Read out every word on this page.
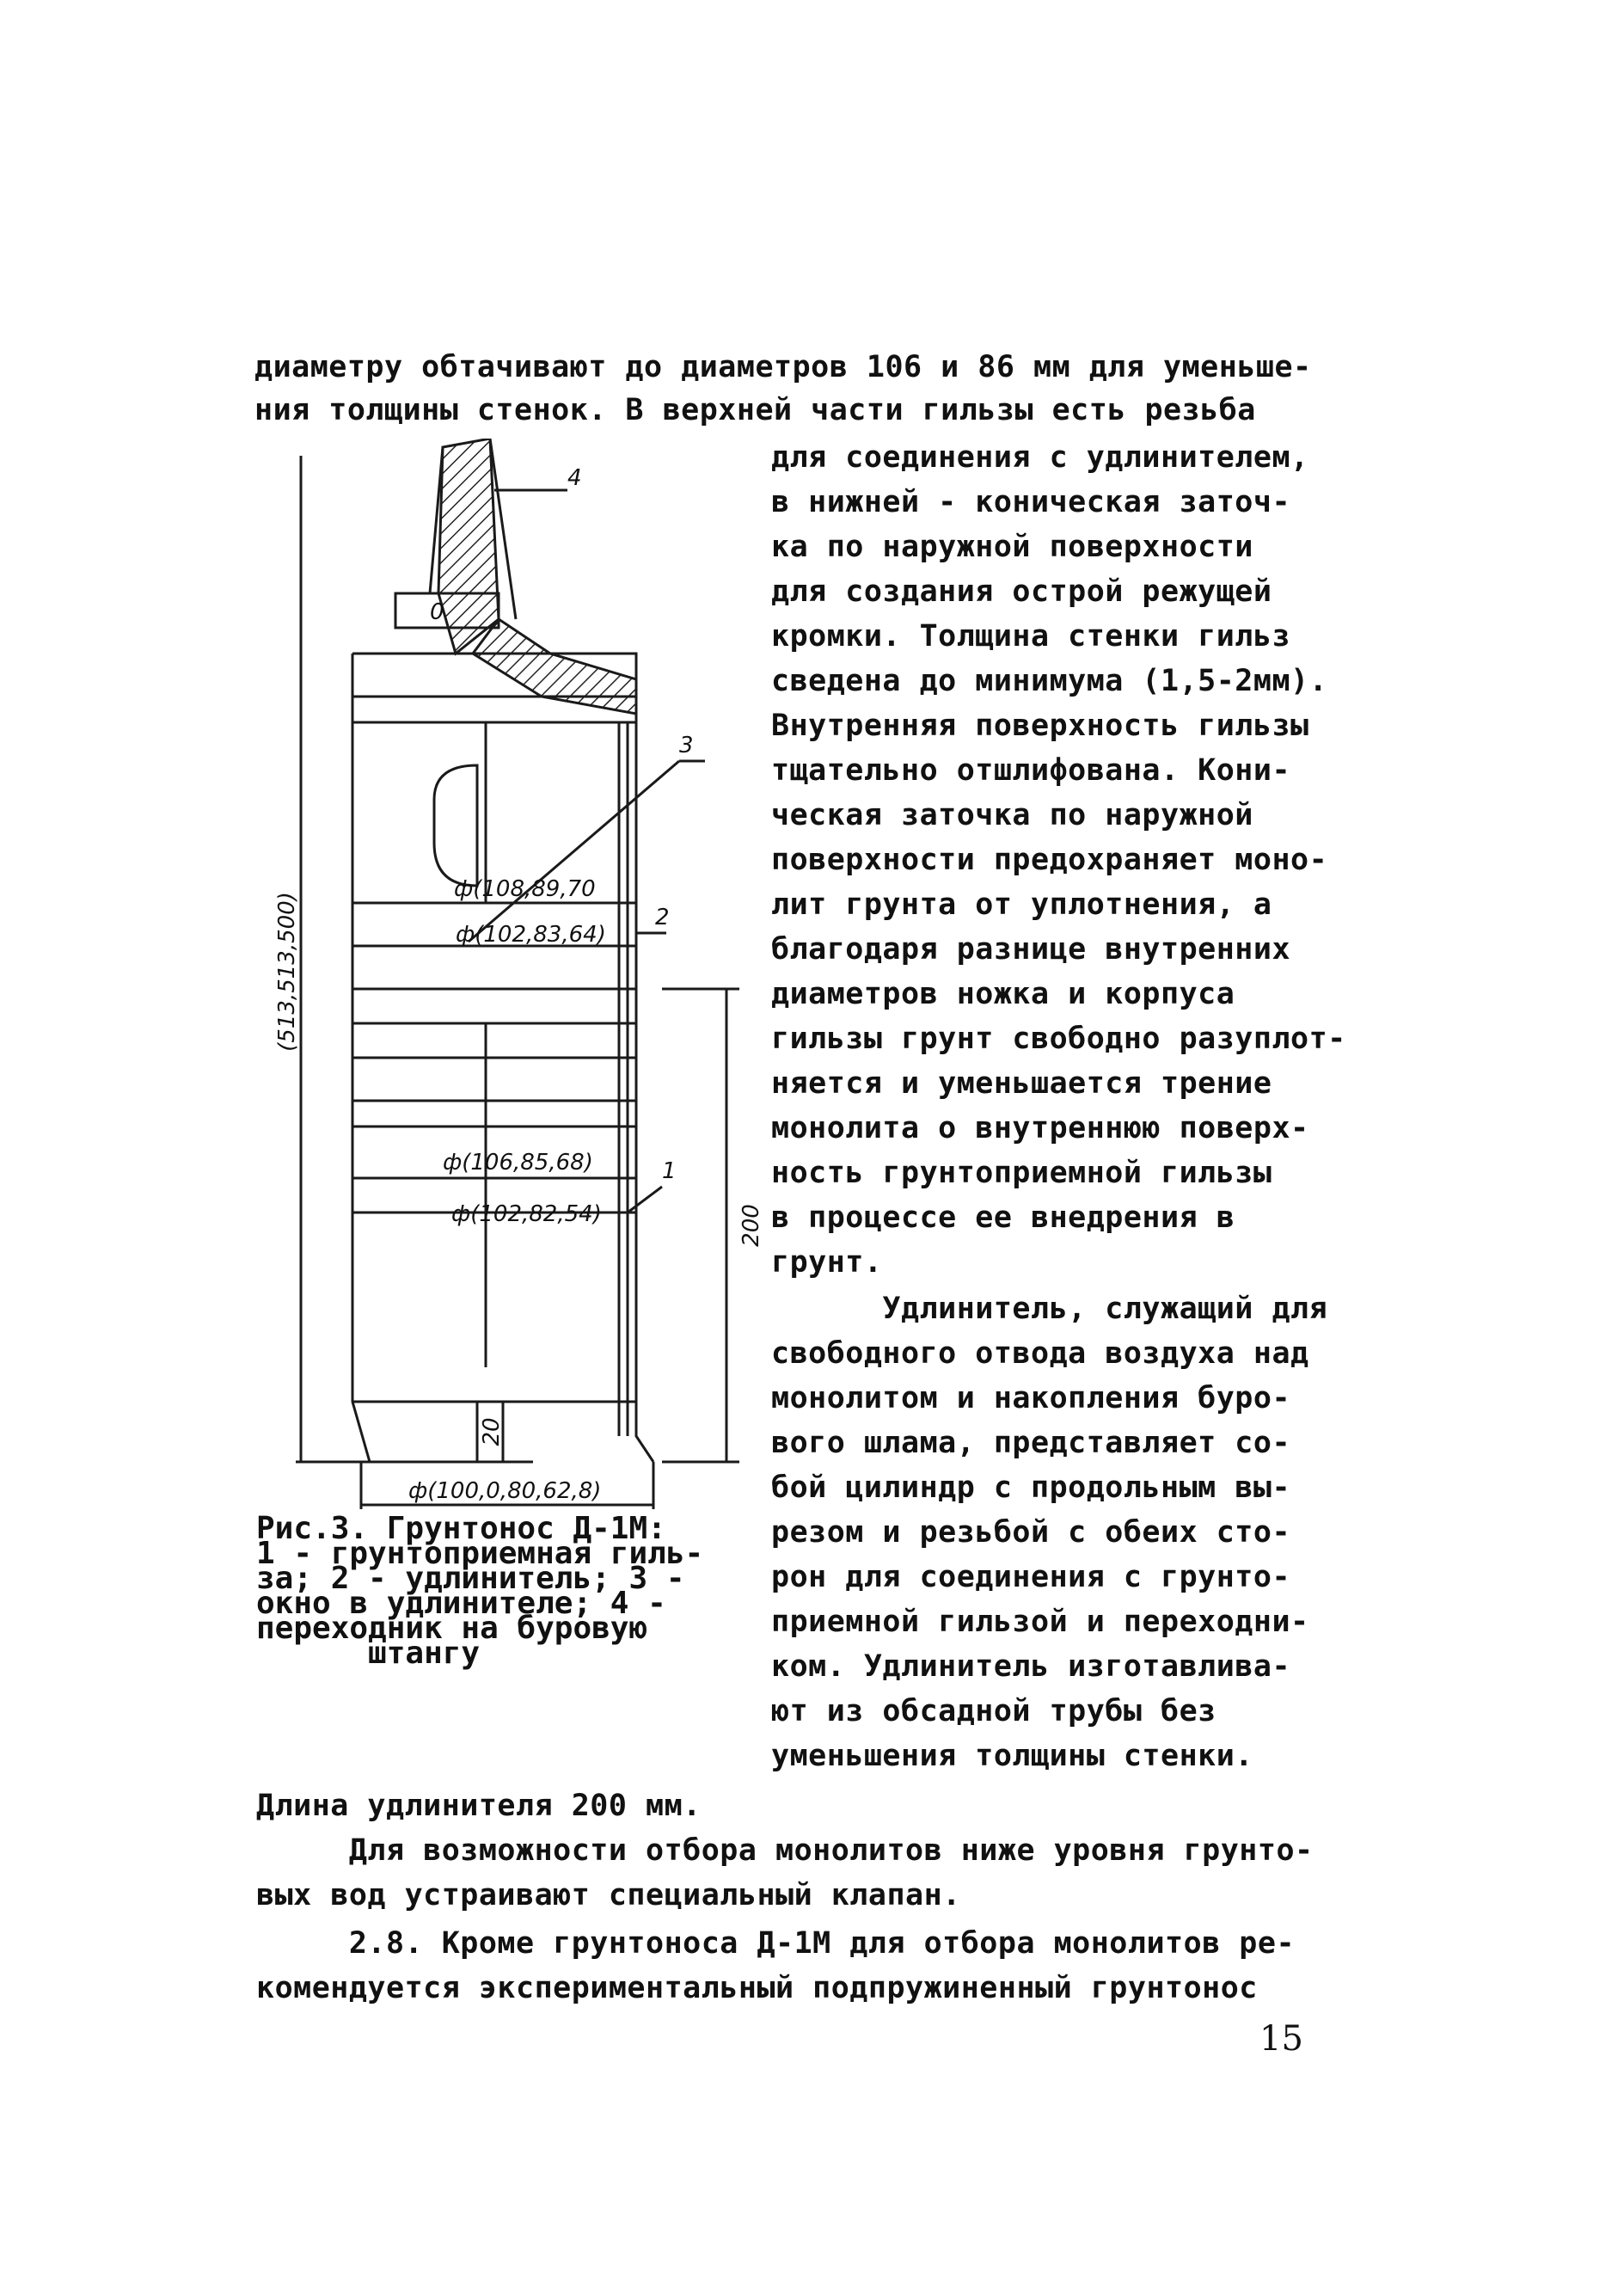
диаметру обтачивают до диаметров 106 и 86 мм для уменьше-
ния толщины стенок. В верхней части гильзы есть резьба
для соединения с удлинителем,
в нижней - коническая заточ-
ка по наружной поверхности
для создания острой режущей
кромки. Толщина стенки гильз
сведена до минимума (1,5-2мм).
Внутренняя поверхность гильзы
тщательно отшлифована. Кони-
ческая заточка по наружной
поверхности предохраняет моно-
лит грунта от уплотнения, а
благодаря разнице внутренних
диаметров ножка и корпуса
гильзы грунт свободно разуплот-
няется и уменьшается трение
монолита о внутреннюю поверх-
ность грунтоприемной гильзы
в процессе ее внедрения в
грунт.
Удлинитель, служащий для
свободного отвода воздуха над
монолитом и накопления буро-
вого шлама, представляет со-
бой цилиндр с продольным вы-
резом и резьбой с обеих сто-
рон для соединения с грунто-
приемной гильзой и переходни-
ком. Удлинитель изготавлива-
ют из обсадной трубы без
уменьшения толщины стенки.
4
0
3
2
1
(513,513,500)
200
20
ф(108,89,70
ф(102,83,64)
ф(106,85,68)
ф(102,82,54)
ф(100,0,80,62,8)
Рис.3. Грунтонос Д-1М:
1 - грунтоприемная гиль-
за; 2 - удлинитель; 3 -
окно в удлинителе; 4 -
переходник на буровую
штангу
Длина удлинителя 200 мм.
Для возможности отбора монолитов ниже уровня грунто-
вых вод устраивают специальный клапан.
2.8. Кроме грунтоноса Д-1М для отбора монолитов ре-
комендуется экспериментальный подпружиненный грунтонос
15
